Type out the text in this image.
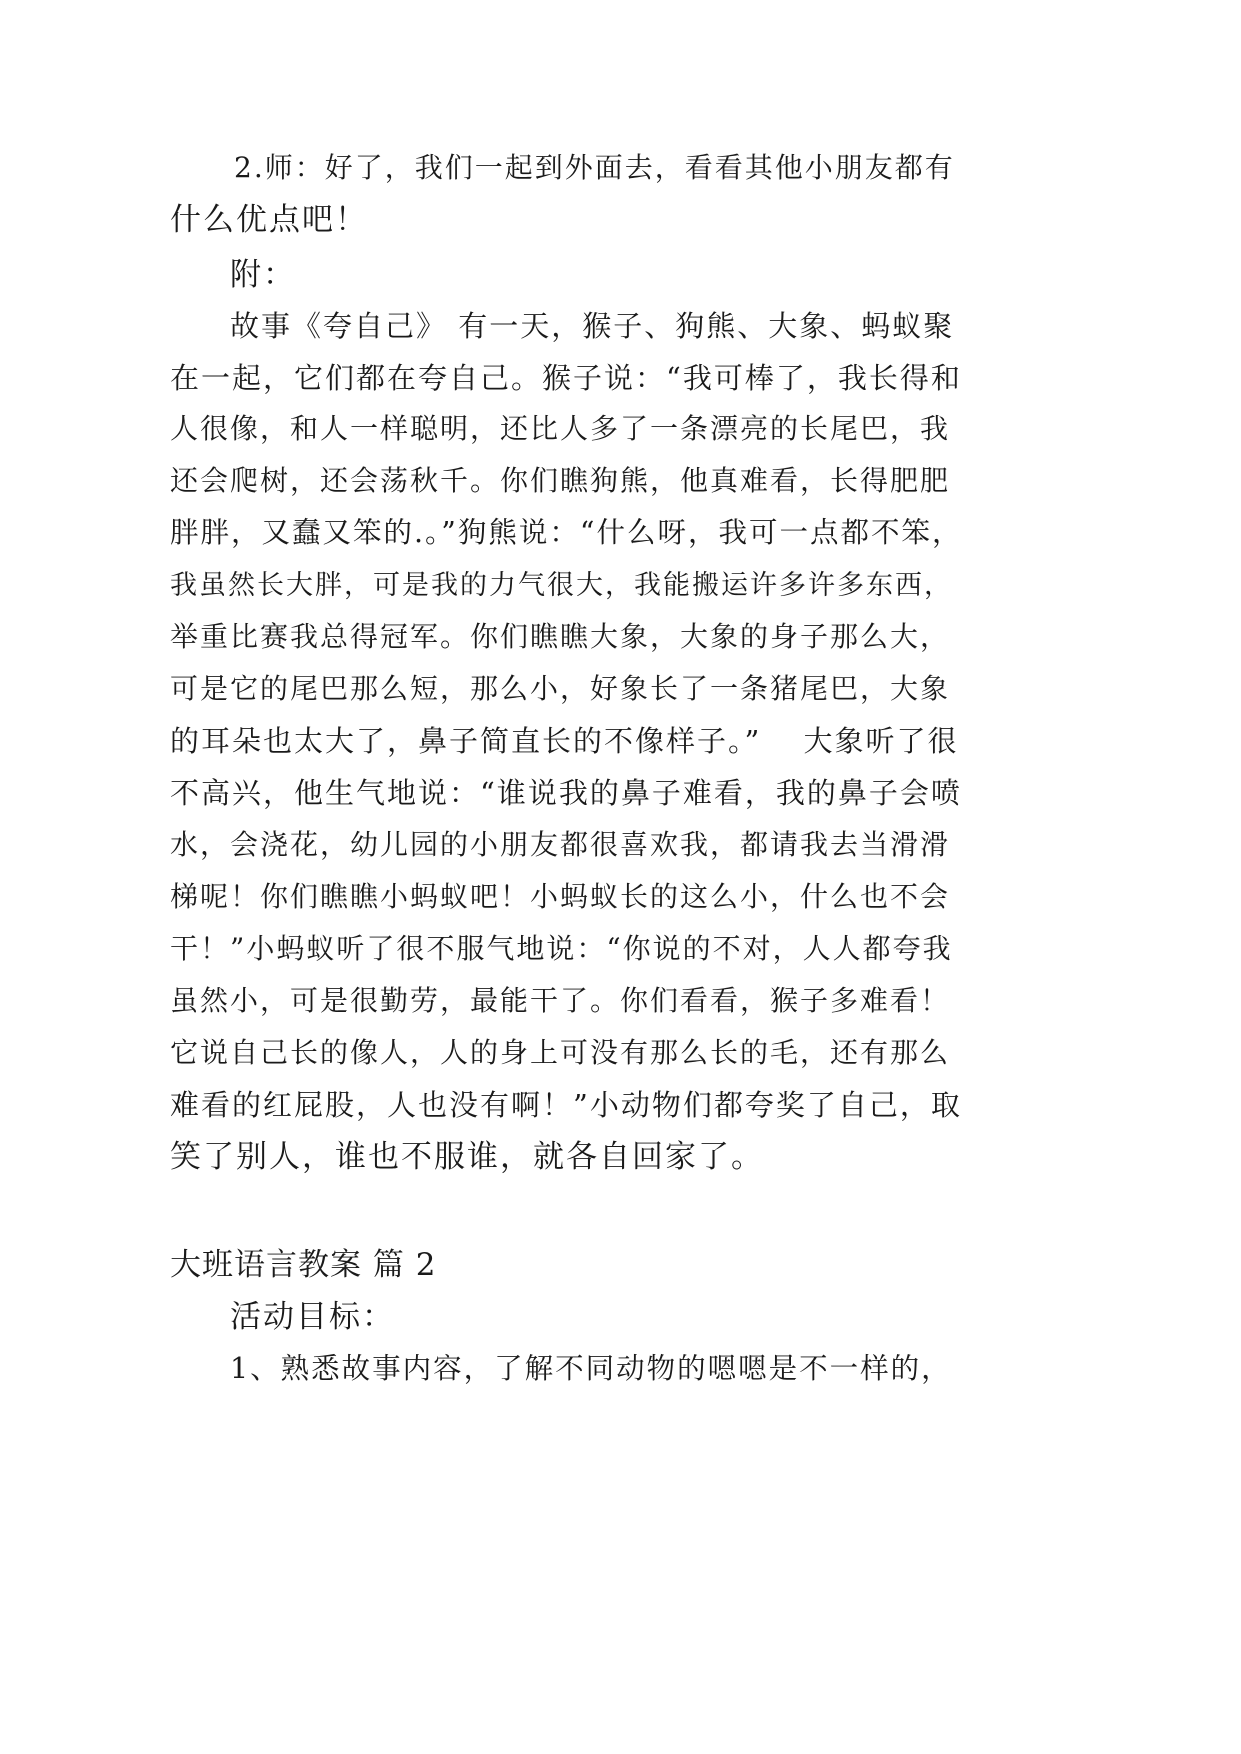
2.师：好了，我们一起到外面去，看看其他小朋友都有
什么优点吧！
附：
故事《夸自己》 有一天，猴子、狗熊、大象、蚂蚁聚
在一起，它们都在夸自己。猴子说：“我可棒了，我长得和
人很像，和人一样聪明，还比人多了一条漂亮的长尾巴，我
还会爬树，还会荡秋千。你们瞧狗熊，他真难看，长得肥肥
胖胖，又蠢又笨的.。”狗熊说：“什么呀，我可一点都不笨，
我虽然长大胖，可是我的力气很大，我能搬运许多许多东西，
举重比赛我总得冠军。你们瞧瞧大象，大象的身子那么大，
可是它的尾巴那么短，那么小，好象长了一条猪尾巴，大象
的耳朵也太大了，鼻子简直长的不像样子。”　 大象听了很
不高兴，他生气地说：“谁说我的鼻子难看，我的鼻子会喷
水，会浇花，幼儿园的小朋友都很喜欢我，都请我去当滑滑
梯呢！你们瞧瞧小蚂蚁吧！小蚂蚁长的这么小，什么也不会
干！”小蚂蚁听了很不服气地说：“你说的不对，人人都夸我
虽然小，可是很勤劳，最能干了。你们看看，猴子多难看！
它说自己长的像人，人的身上可没有那么长的毛，还有那么
难看的红屁股，人也没有啊！”小动物们都夸奖了自己，取
笑了别人，谁也不服谁，就各自回家了。
大班语言教案 篇 2
活动目标：
1、熟悉故事内容，了解不同动物的嗯嗯是不一样的，
